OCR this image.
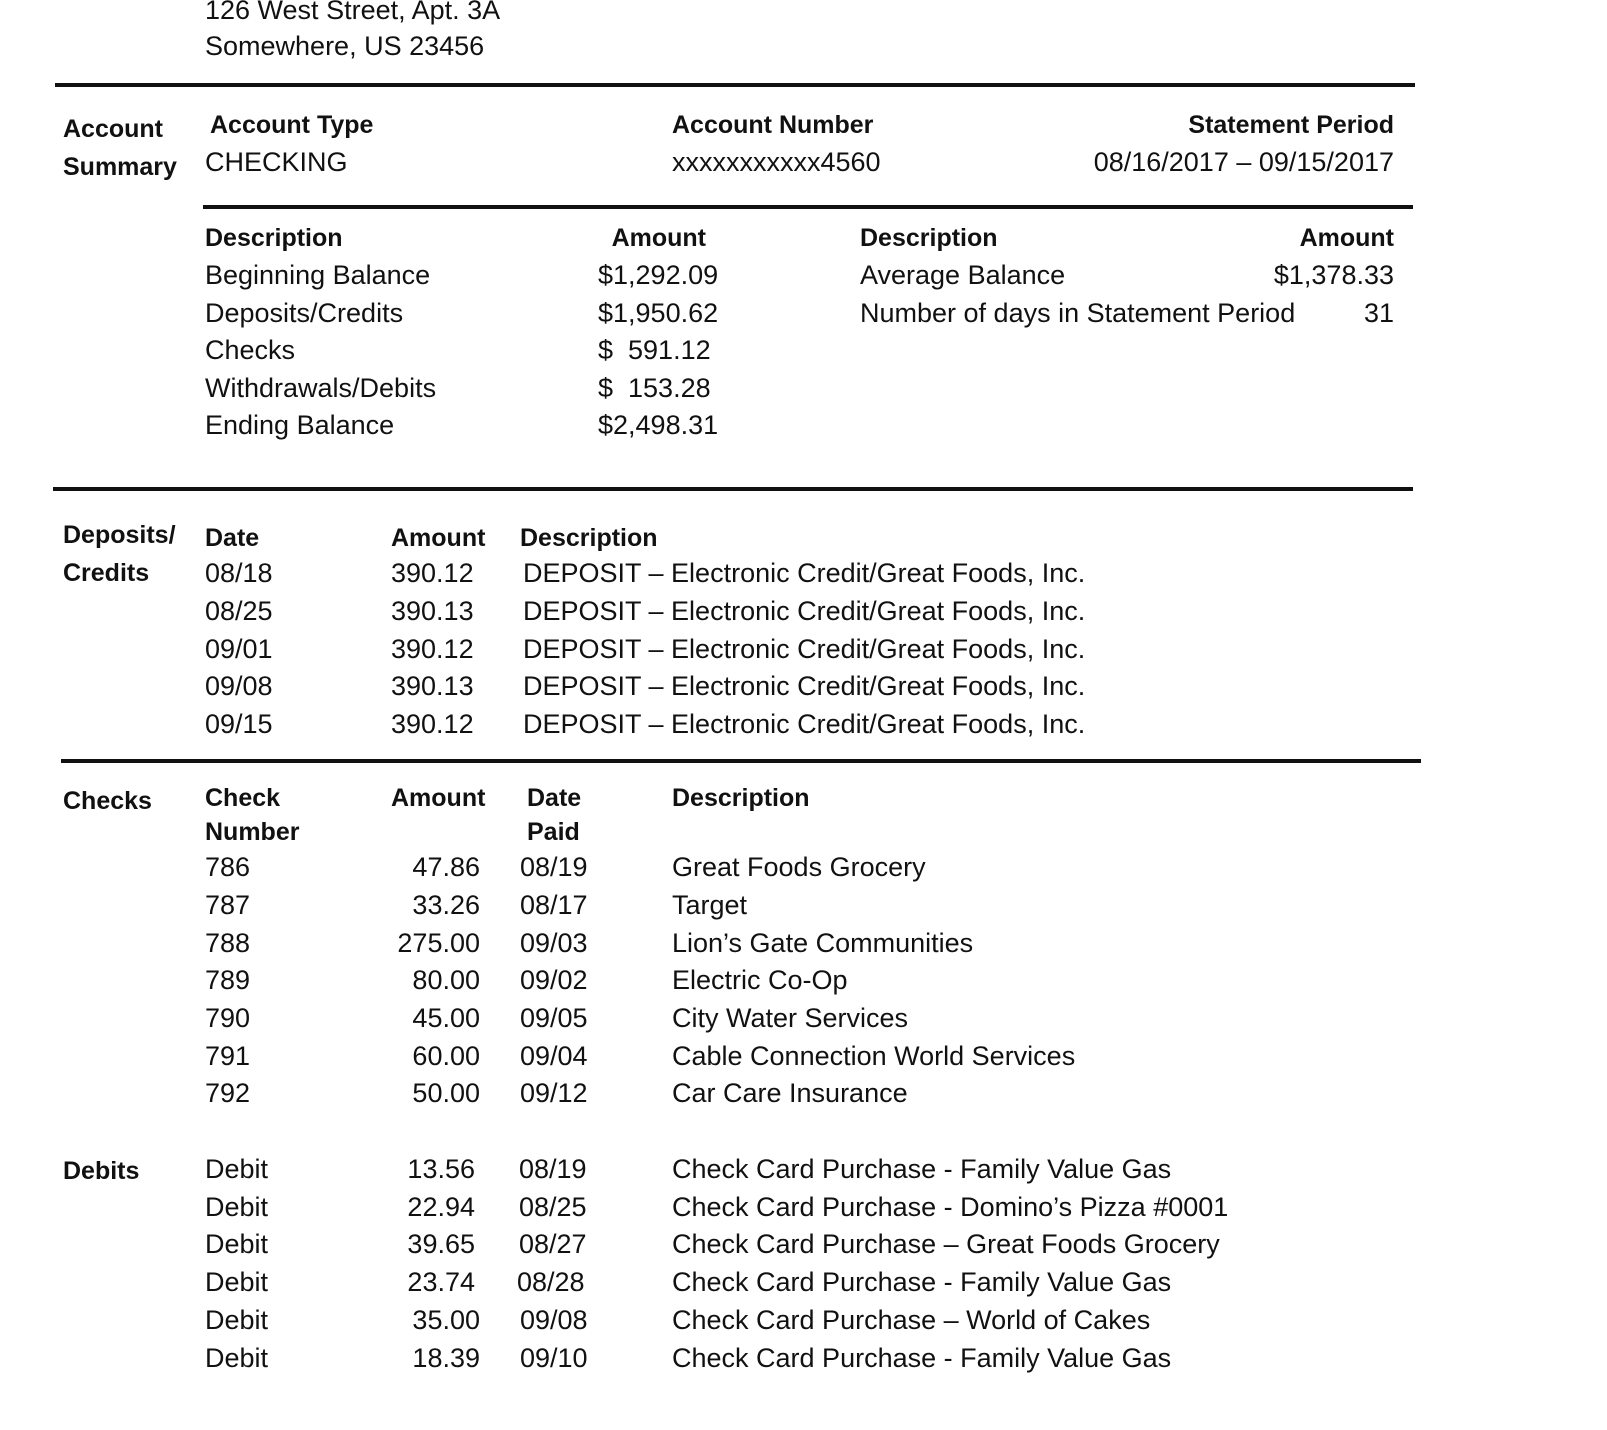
126 West Street, Apt. 3A
Somewhere, US 23456
Account
Summary
Account Type
CHECKING
Account Number
xxxxxxxxxxx4560
Statement Period
08/16/2017 – 09/15/2017
Description	Amount
Beginning Balance	$1,292.09
Deposits/Credits	$1,950.62
Checks	$  591.12
Withdrawals/Debits	$  153.28
Ending Balance	$2,498.31
Description	Amount
Average Balance	$1,378.33
Number of days in Statement Period	31
Deposits/
Credits
Date	Amount Description
08/18	390.12 DEPOSIT – Electronic Credit/Great Foods, Inc.
08/25	390.13 DEPOSIT – Electronic Credit/Great Foods, Inc.
09/01	390.12 DEPOSIT – Electronic Credit/Great Foods, Inc.
09/08	390.13 DEPOSIT – Electronic Credit/Great Foods, Inc.
09/15	390.12 DEPOSIT – Electronic Credit/Great Foods, Inc.
Checks Check
Number
Amount Date
Paid
Description
786	47.86 08/19	Great Foods Grocery
787	33.26 08/17	Target
788	275.00 09/03	Lion’s Gate Communities
789	80.00 09/02	Electric Co-Op
790	45.00 09/05	City Water Services
791	60.00 09/04	Cable Connection World Services
792	50.00 09/12	Car Care Insurance
Debits Debit	13.56 08/19	Check Card Purchase - Family Value Gas
Debit	22.94 08/25	Check Card Purchase - Domino’s Pizza #0001
Debit	39.65 08/27	Check Card Purchase – Great Foods Grocery
Debit	23.74 08/28	Check Card Purchase - Family Value Gas
Debit	35.00 09/08	Check Card Purchase – World of Cakes
Debit	18.39 09/10	Check Card Purchase - Family Value Gas
